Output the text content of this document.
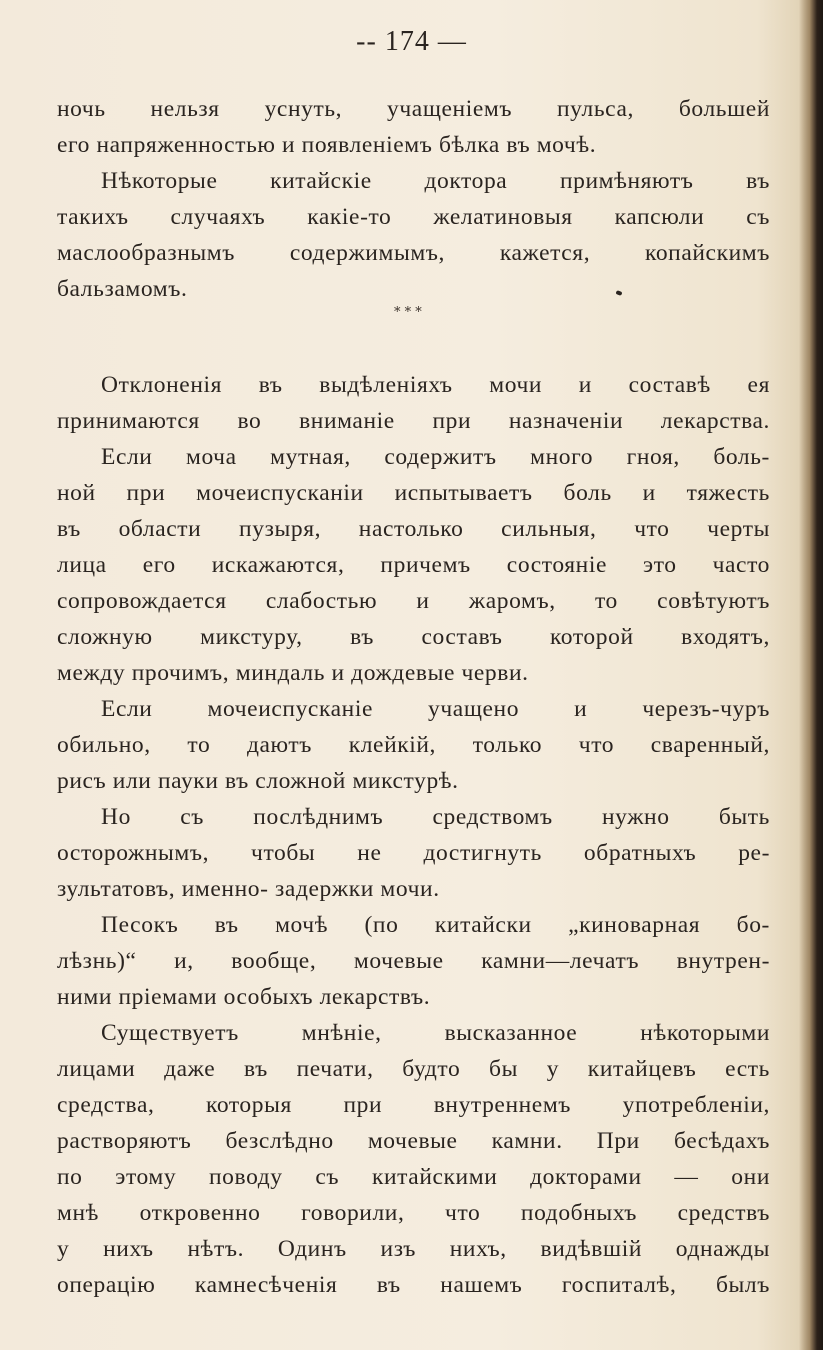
-- 174 —
ночь нельзя уснуть, учащеніемъ пульса, большей
его напряженностью и появленіемъ бѣлка въ мочѣ.
Нѣкоторые китайскіе доктора примѣняютъ въ
такихъ случаяхъ какіе-то желатиновыя капсюли съ
маслообразнымъ содержимымъ, кажется, копайскимъ
бальзамомъ.
* * *
Отклоненія въ выдѣленіяхъ мочи и составѣ ея
принимаются во вниманіе при назначеніи лекарства.
Если моча мутная, содержитъ много гноя, боль-
ной при мочеиспусканіи испытываетъ боль и тяжесть
въ области пузыря, настолько сильныя, что черты
лица его искажаются, причемъ состояніе это часто
сопровождается слабостью и жаромъ, то совѣтуютъ
сложную микстуру, въ составъ которой входятъ,
между прочимъ, миндаль и дождевые черви.
Если мочеиспусканіе учащено и черезъ-чуръ
обильно, то даютъ клейкій, только что сваренный,
рисъ или пауки въ сложной микстурѣ.
Но съ послѣднимъ средствомъ нужно быть
осторожнымъ, чтобы не достигнуть обратныхъ ре-
зультатовъ, именно- задержки мочи.
Песокъ въ мочѣ (по китайски „киноварная бо-
лѣзнь)“ и, вообще, мочевые камни—лечатъ внутрен-
ними пріемами особыхъ лекарствъ.
Существуетъ мнѣніе, высказанное нѣкоторыми
лицами даже въ печати, будто бы у китайцевъ есть
средства, которыя при внутреннемъ употребленіи,
растворяютъ безслѣдно мочевые камни. При бесѣдахъ
по этому поводу съ китайскими докторами — они
мнѣ откровенно говорили, что подобныхъ средствъ
у нихъ нѣтъ. Одинъ изъ нихъ, видѣвшій однажды
операцію камнесѣченія въ нашемъ госпиталѣ, былъ
